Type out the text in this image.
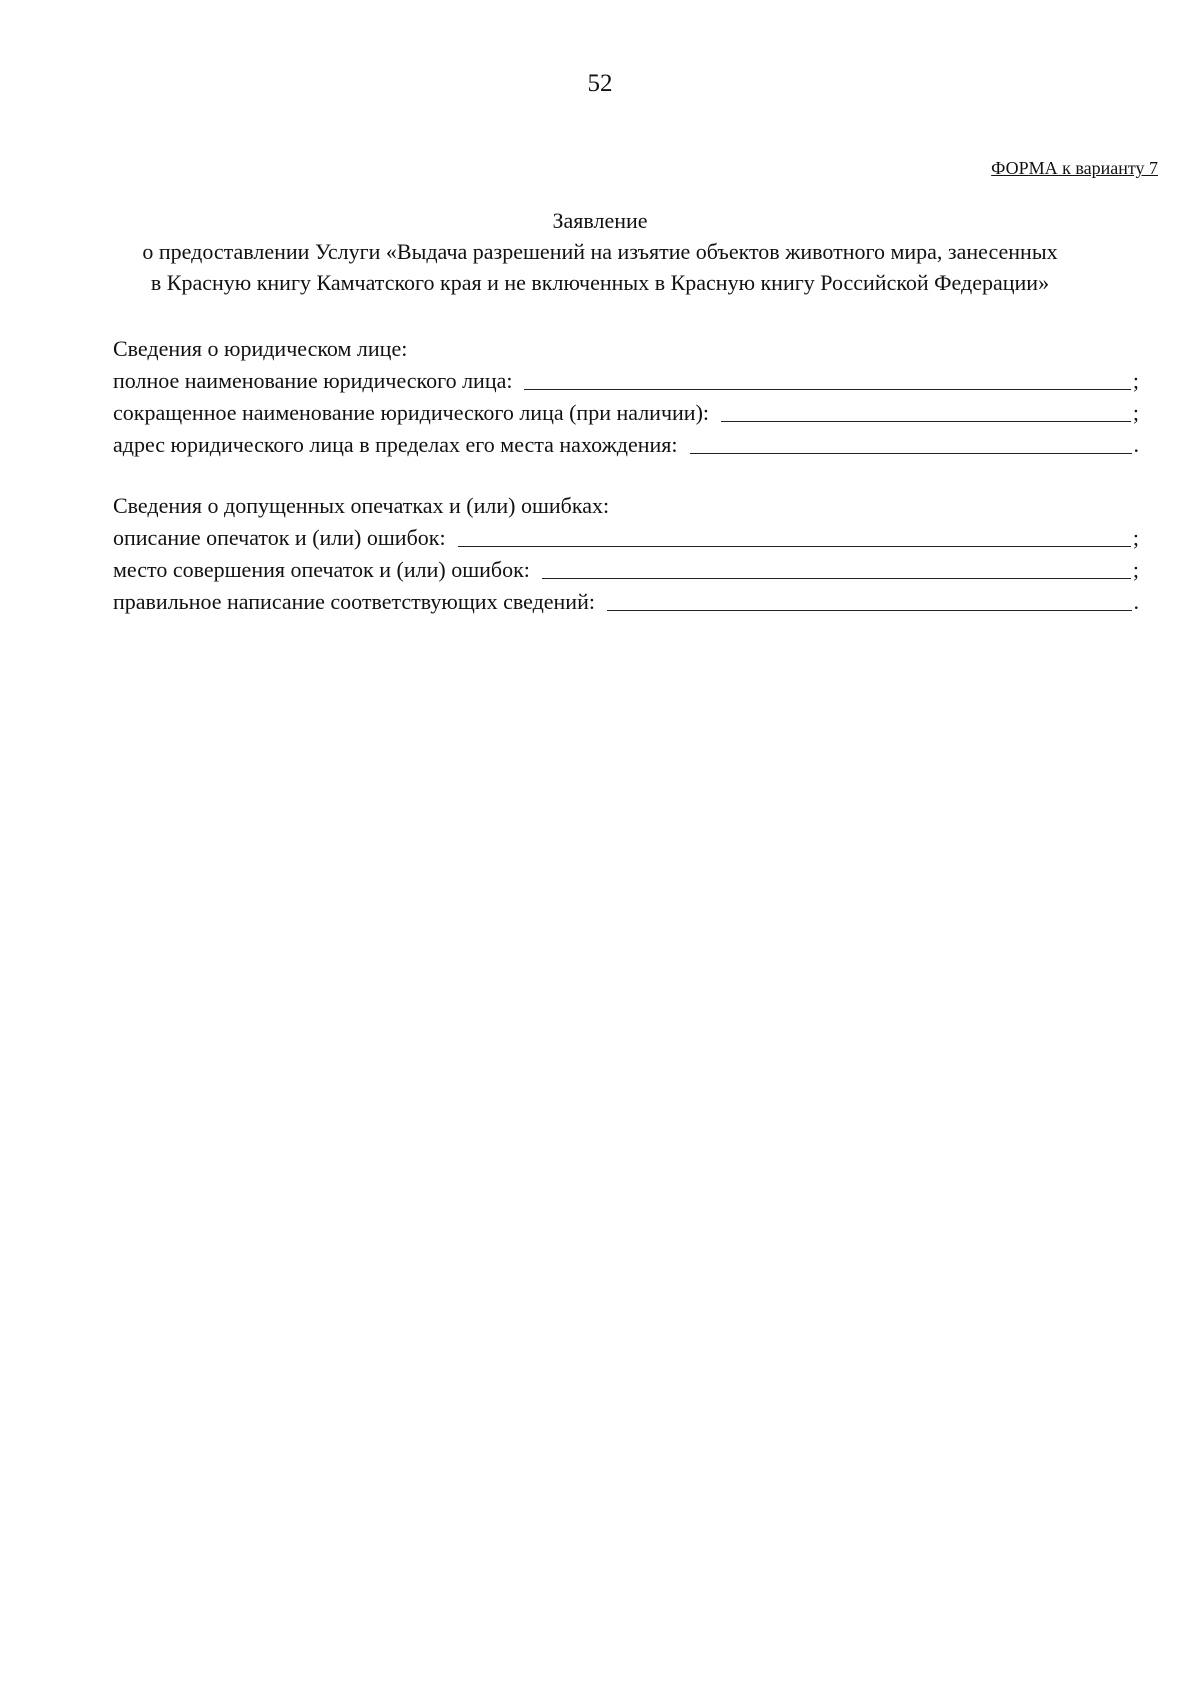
52
ФОРМА к варианту 7
Заявление
о предоставлении Услуги «Выдача разрешений на изъятие объектов животного мира, занесенных
в Красную книгу Камчатского края и не включенных в Красную книгу Российской Федерации»
Сведения о юридическом лице:
полное наименование юридического лица:	;
сокращенное наименование юридического лица (при наличии):	;
адрес юридического лица в пределах его места нахождения:	.
Сведения о допущенных опечатках и (или) ошибках:
описание опечаток и (или) ошибок:	;
место совершения опечаток и (или) ошибок:	;
правильное написание соответствующих сведений:	.
